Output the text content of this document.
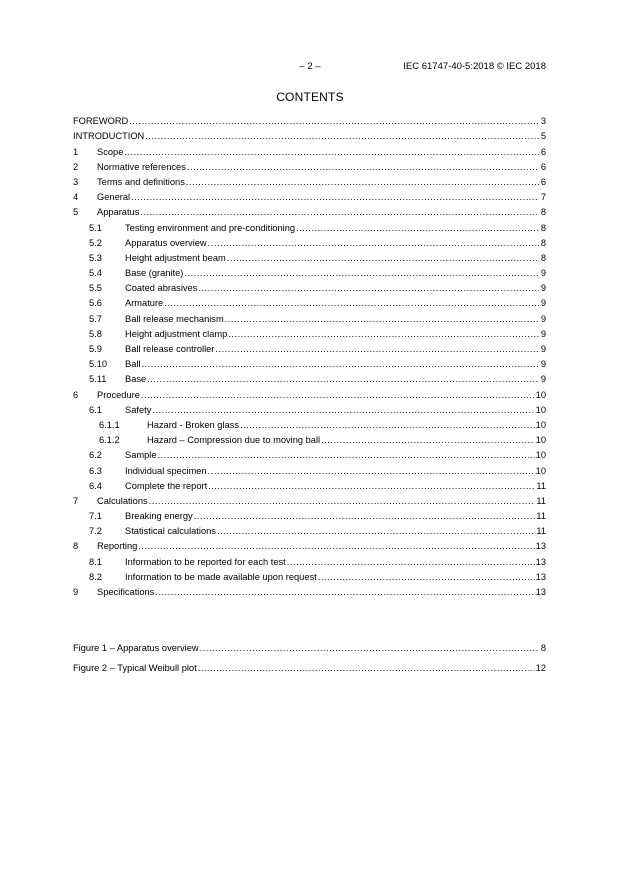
– 2 –	IEC 61747-40-5:2018 © IEC 2018
CONTENTS
FOREWORD .....	3
INTRODUCTION .....	5
1	Scope .....	6
2	Normative references .....	6
3	Terms and definitions .....	6
4	General .....	7
5	Apparatus .....	8
5.1	Testing environment and pre-conditioning .....	8
5.2	Apparatus overview .....	8
5.3	Height adjustment beam .....	8
5.4	Base (granite) .....	9
5.5	Coated abrasives .....	9
5.6	Armature .....	9
5.7	Ball release mechanism .....	9
5.8	Height adjustment clamp .....	9
5.9	Ball release controller .....	9
5.10	Ball .....	9
5.11	Base .....	9
6	Procedure .....	10
6.1	Safety .....	10
6.1.1	Hazard - Broken glass .....	10
6.1.2	Hazard – Compression due to moving ball .....	10
6.2	Sample .....	10
6.3	Individual specimen .....	10
6.4	Complete the report .....	11
7	Calculations .....	11
7.1	Breaking energy .....	11
7.2	Statistical calculations .....	11
8	Reporting .....	13
8.1	Information to be reported for each test .....	13
8.2	Information to be made available upon request .....	13
9	Specifications .....	13
Figure 1 – Apparatus overview .....	8
Figure 2 – Typical Weibull plot .....	12
